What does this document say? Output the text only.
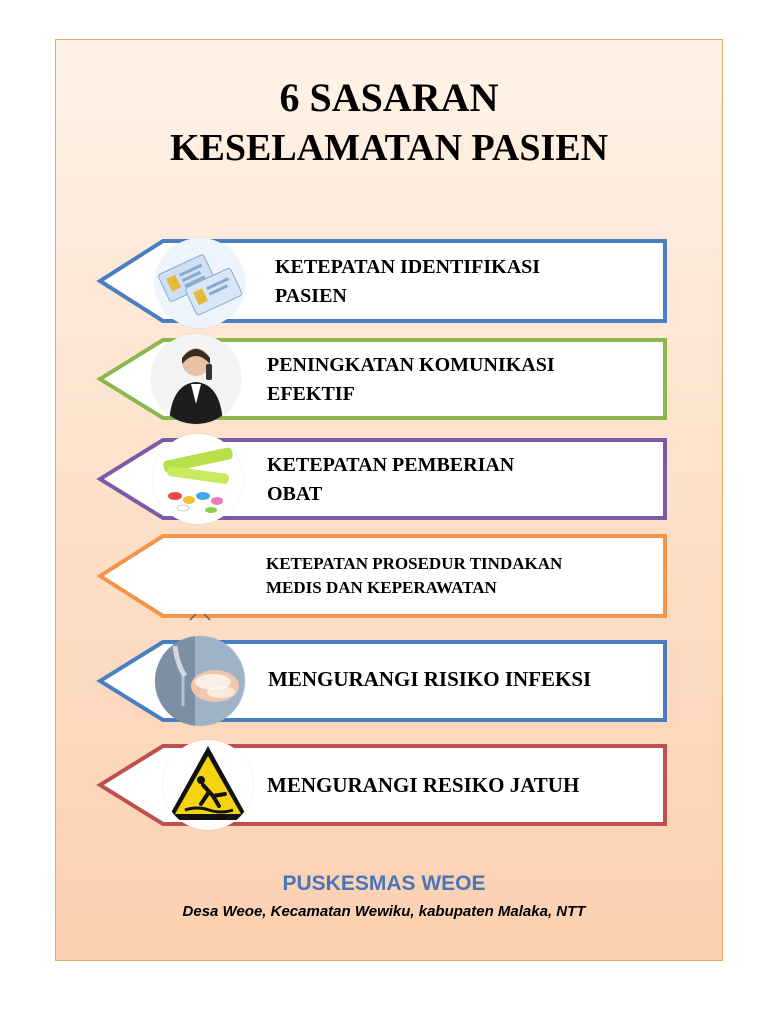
6 SASARAN
KESELAMATAN PASIEN
KETEPATAN IDENTIFIKASI
PASIEN
PENINGKATAN KOMUNIKASI
EFEKTIF
KETEPATAN PEMBERIAN
OBAT
KETEPATAN PROSEDUR TINDAKAN
MEDIS DAN KEPERAWATAN
MENGURANGI RISIKO INFEKSI
MENGURANGI RESIKO JATUH
PUSKESMAS WEOE
Desa Weoe, Kecamatan Wewiku, kabupaten Malaka, NTT
